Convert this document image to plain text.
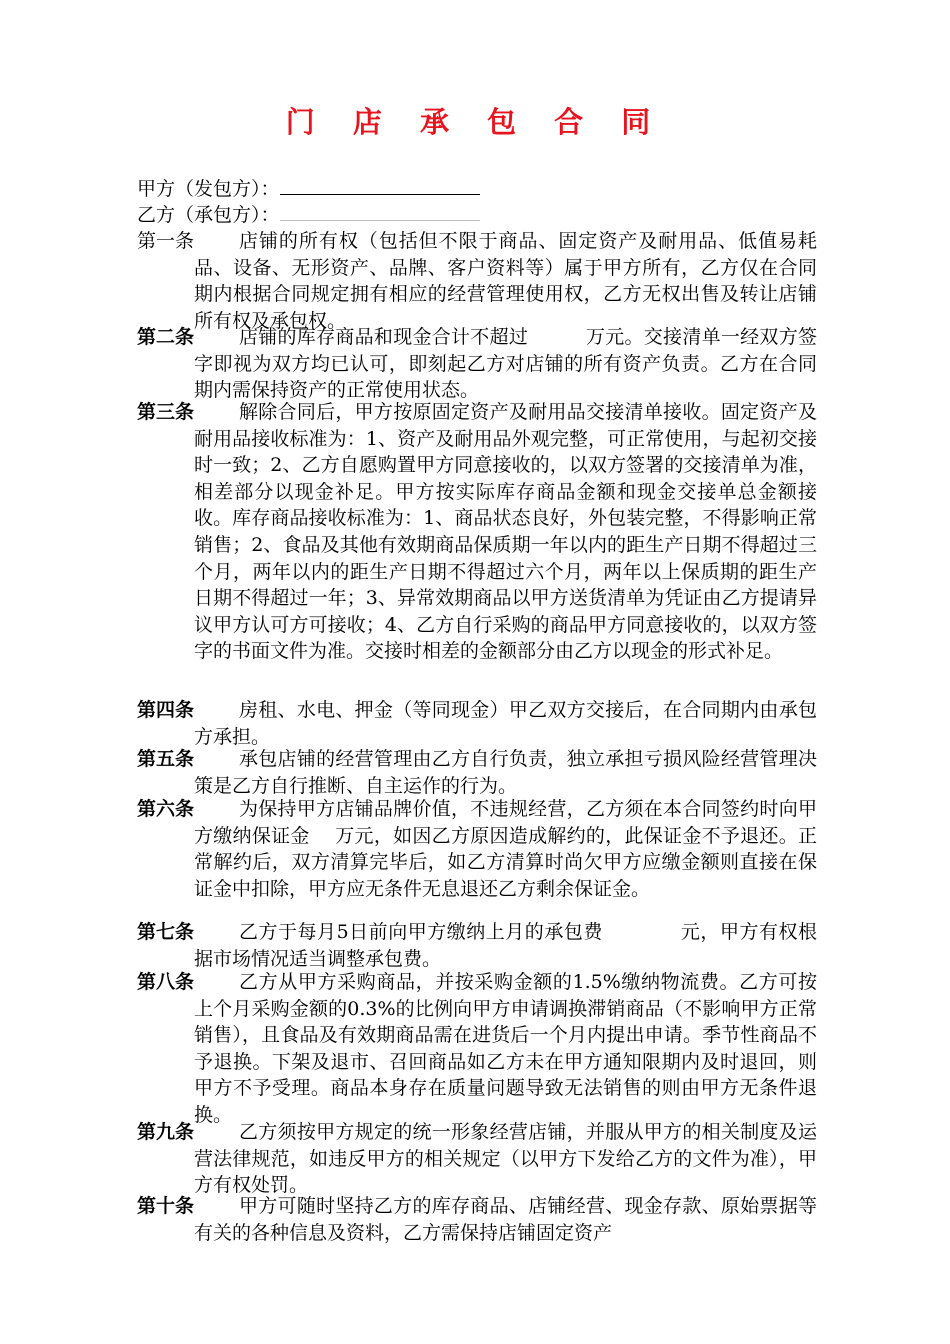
门 店 承 包 合 同
甲方（发包方）：
乙方（承包方）：
第一条	店铺的所有权（包括但不限于商品、固定资产及耐用品、低值易耗品、设备、无形资产、品牌、客户资料等）属于甲方所有，乙方仅在合同期内根据合同规定拥有相应的经营管理使用权，乙方无权出售及转让店铺所有权及承包权。
第二条	店铺的库存商品和现金合计不超过　　　万元。交接清单一经双方签字即视为双方均已认可，即刻起乙方对店铺的所有资产负责。乙方在合同期内需保持资产的正常使用状态。
第三条	解除合同后，甲方按原固定资产及耐用品交接清单接收。固定资产及耐用品接收标准为：1、资产及耐用品外观完整，可正常使用，与起初交接时一致；2、乙方自愿购置甲方同意接收的，以双方签署的交接清单为准，相差部分以现金补足。甲方按实际库存商品金额和现金交接单总金额接收。库存商品接收标准为：1、商品状态良好，外包装完整，不得影响正常销售；2、食品及其他有效期商品保质期一年以内的距生产日期不得超过三个月，两年以内的距生产日期不得超过六个月，两年以上保质期的距生产日期不得超过一年；3、异常效期商品以甲方送货清单为凭证由乙方提请异议甲方认可方可接收；4、乙方自行采购的商品甲方同意接收的，以双方签字的书面文件为准。交接时相差的金额部分由乙方以现金的形式补足。
第四条	房租、水电、押金（等同现金）甲乙双方交接后，在合同期内由承包方承担。
第五条	承包店铺的经营管理由乙方自行负责，独立承担亏损风险经营管理决策是乙方自行推断、自主运作的行为。
第六条	为保持甲方店铺品牌价值，不违规经营，乙方须在本合同签约时向甲方缴纳保证金　 万元，如因乙方原因造成解约的，此保证金不予退还。正常解约后，双方清算完毕后，如乙方清算时尚欠甲方应缴金额则直接在保证金中扣除，甲方应无条件无息退还乙方剩余保证金。
第七条	乙方于每月5日前向甲方缴纳上月的承包费　　　　元，甲方有权根据市场情况适当调整承包费。
第八条	乙方从甲方采购商品，并按采购金额的1.5%缴纳物流费。乙方可按上个月采购金额的0.3%的比例向甲方申请调换滞销商品（不影响甲方正常销售），且食品及有效期商品需在进货后一个月内提出申请。季节性商品不予退换。下架及退市、召回商品如乙方未在甲方通知限期内及时退回，则甲方不予受理。商品本身存在质量问题导致无法销售的则由甲方无条件退换。
第九条	乙方须按甲方规定的统一形象经营店铺，并服从甲方的相关制度及运营法律规范，如违反甲方的相关规定（以甲方下发给乙方的文件为准），甲方有权处罚。
第十条	甲方可随时坚持乙方的库存商品、店铺经营、现金存款、原始票据等有关的各种信息及资料，乙方需保持店铺固定资产
